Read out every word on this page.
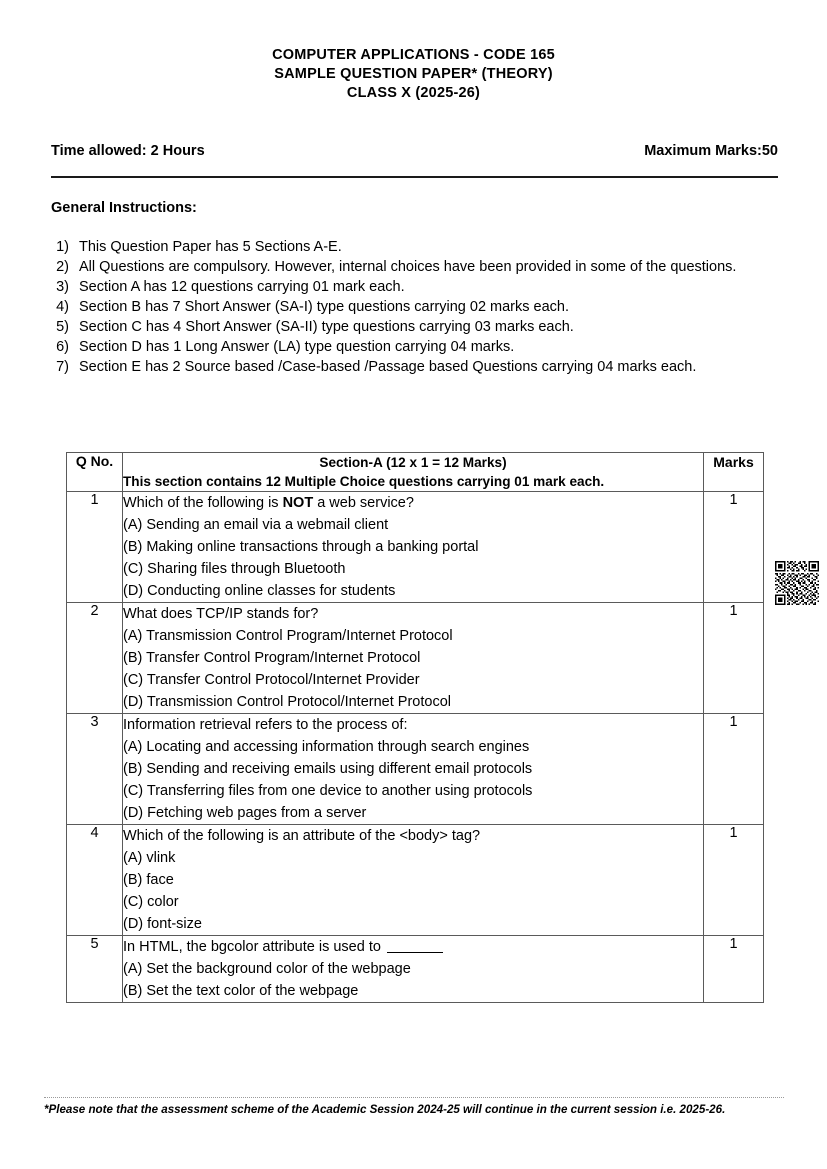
COMPUTER APPLICATIONS - CODE 165
SAMPLE QUESTION PAPER* (THEORY)
CLASS X (2025-26)
Time allowed: 2 Hours	Maximum Marks:50
General Instructions:
1) This Question Paper has 5 Sections A-E.
2) All Questions are compulsory. However, internal choices have been provided in some of the questions.
3) Section A has 12 questions carrying 01 mark each.
4) Section B has 7 Short Answer (SA-I) type questions carrying 02 marks each.
5) Section C has 4 Short Answer (SA-II) type questions carrying 03 marks each.
6) Section D has 1 Long Answer (LA) type question carrying 04 marks.
7) Section E has 2 Source based /Case-based /Passage based Questions carrying 04 marks each.
Q No.	Section-A (12 x 1 = 12 Marks)
This section contains 12 Multiple Choice questions carrying 01 mark each.	Marks
1	Which of the following is NOT a web service?
(A) Sending an email via a webmail client
(B) Making online transactions through a banking portal
(C) Sharing files through Bluetooth
(D) Conducting online classes for students	1
2	What does TCP/IP stands for?
(A) Transmission Control Program/Internet Protocol
(B) Transfer Control Program/Internet Protocol
(C) Transfer Control Protocol/Internet Provider
(D) Transmission Control Protocol/Internet Protocol	1
3	Information retrieval refers to the process of:
(A) Locating and accessing information through search engines
(B) Sending and receiving emails using different email protocols
(C) Transferring files from one device to another using protocols
(D) Fetching web pages from a server	1
4	Which of the following is an attribute of the <body> tag?
(A) vlink
(B) face
(C) color
(D) font-size	1
5	In HTML, the bgcolor attribute is used to
(A) Set the background color of the webpage
(B) Set the text color of the webpage	1
*Please note that the assessment scheme of the Academic Session 2024-25 will continue in the current session i.e. 2025-26.
